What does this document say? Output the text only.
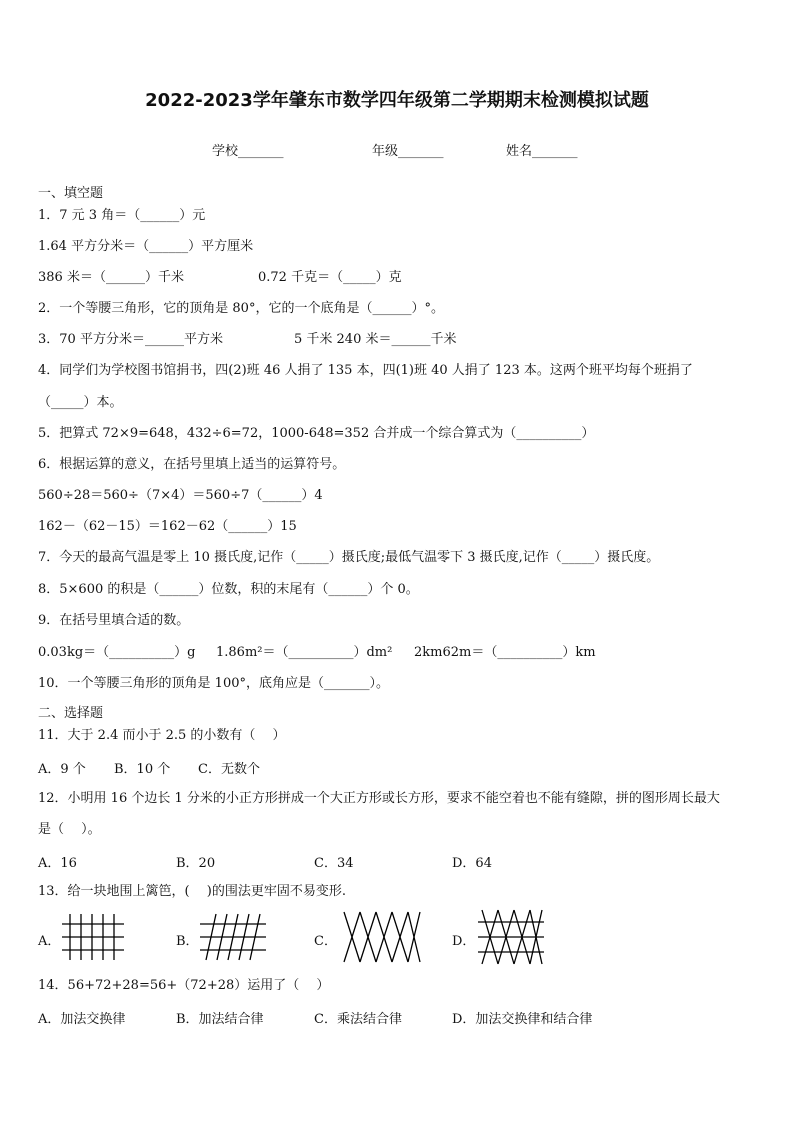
2022-2023学年肇东市数学四年级第二学期期末检测模拟试题
学校_______	年级_______	姓名_______
一、填空题
1．7 元 3 角＝（______）元
1.64 平方分米＝（______）平方厘米
386 米＝（______）千米	0.72 千克＝（_____）克
2．一个等腰三角形，它的顶角是 80°，它的一个底角是（______）°。
3．70 平方分米＝______平方米	5 千米 240 米＝______千米
4．同学们为学校图书馆捐书，四(2)班 46 人捐了 135 本，四(1)班 40 人捐了 123 本。这两个班平均每个班捐了
（_____）本。
5．把算式 72×9=648，432÷6=72，1000-648=352 合并成一个综合算式为（__________）
6．根据运算的意义，在括号里填上适当的运算符号。
560÷28＝560÷（7×4）＝560÷7（______）4
162－（62－15）＝162－62（______）15
7．今天的最高气温是零上 10 摄氏度,记作（_____）摄氏度;最低气温零下 3 摄氏度,记作（_____）摄氏度。
8．5×600 的积是（______）位数，积的末尾有（______）个 0。
9．在括号里填合适的数。
0.03kg＝（__________）g 1.86m²＝（__________）dm² 2km62m＝（__________）km
10．一个等腰三角形的顶角是 100°，底角应是（_______）。
二、选择题
11．大于 2.4 而小于 2.5 的小数有（　 ）
A．9 个 B．10 个 C．无数个
12．小明用 16 个边长 1 分米的小正方形拼成一个大正方形或长方形，要求不能空着也不能有缝隙，拼的图形周长最大
是（　 ）。
A．16	B．20	C．34	D．64
13．给一块地围上篱笆，(　 )的围法更牢固不易变形.
A．	B．	C．	D．
14．56+72+28=56+（72+28）运用了（　 ）
A．加法交换律	B．加法结合律	C．乘法结合律	D．加法交换律和结合律
